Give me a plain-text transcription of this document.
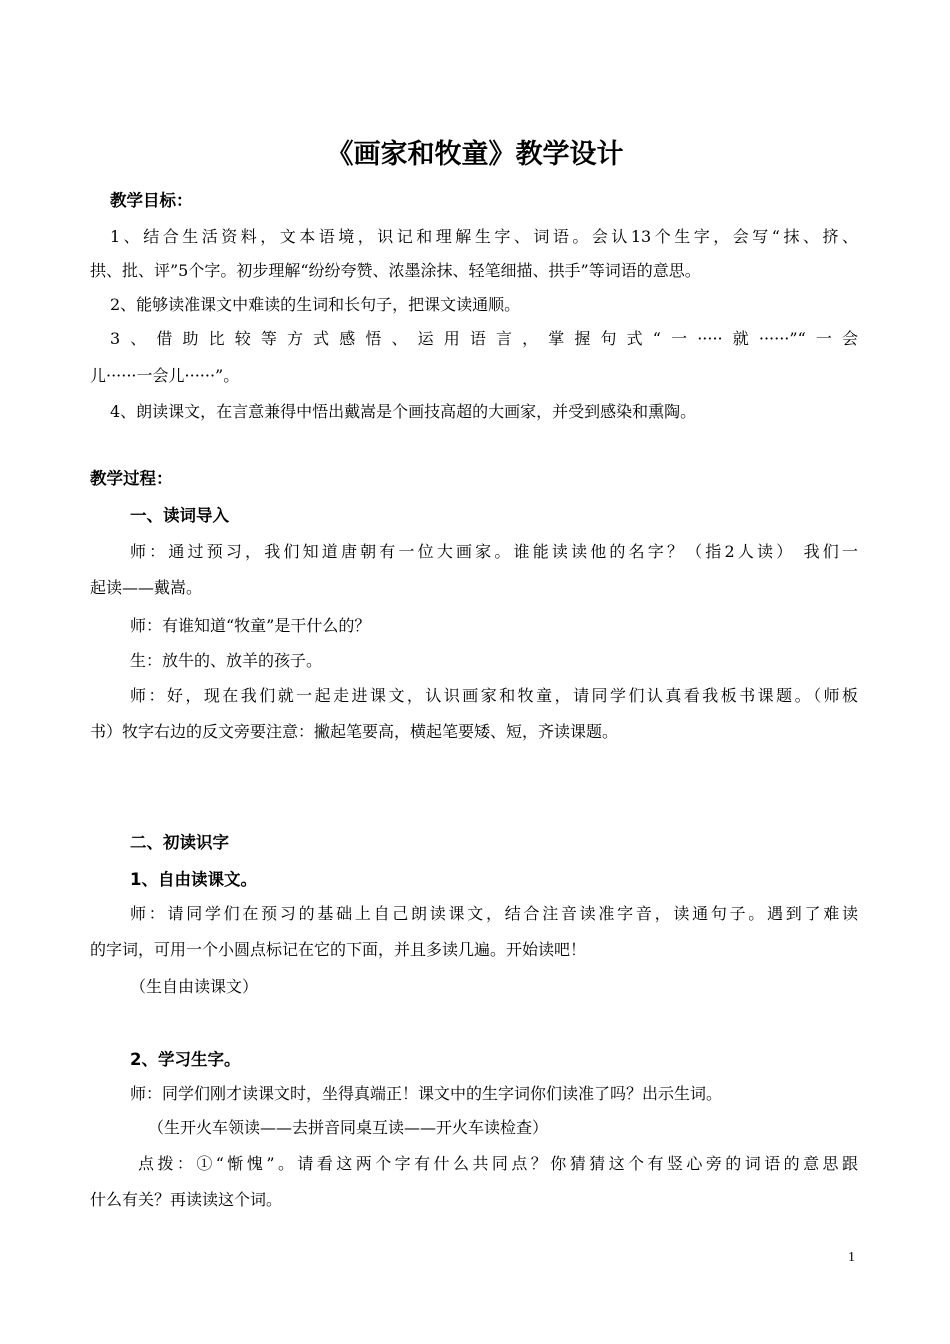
《画家和牧童》教学设计
教学目标：
1、结合生活资料，文本语境，识记和理解生字、词语。会认13个生字，会写“抹、挤、
拱、批、评”5个字。初步理解“纷纷夸赞、浓墨涂抹、轻笔细描、拱手”等词语的意思。
2、能够读准课文中难读的生词和长句子，把课文读通顺。
3、借助比较等方式感悟、运用语言，掌握句式“一·····就······”“一会
儿······一会儿······”。
4、朗读课文，在言意兼得中悟出戴嵩是个画技高超的大画家，并受到感染和熏陶。
教学过程：
一、读词导入
师：通过预习，我们知道唐朝有一位大画家。谁能读读他的名字？（指2人读） 我们一
起读——戴嵩。
师：有谁知道“牧童”是干什么的？
生：放牛的、放羊的孩子。
师：好，现在我们就一起走进课文，认识画家和牧童，请同学们认真看我板书课题。（师板
书）牧字右边的反文旁要注意：撇起笔要高，横起笔要矮、短，齐读课题。
二、初读识字
1、自由读课文。
师：请同学们在预习的基础上自己朗读课文，结合注音读准字音，读通句子。遇到了难读
的字词，可用一个小圆点标记在它的下面，并且多读几遍。开始读吧！
（生自由读课文）
2、学习生字。
师：同学们刚才读课文时，坐得真端正！课文中的生字词你们读准了吗？出示生词。
（生开火车领读——去拼音同桌互读——开火车读检查）
点拨：①“惭愧”。请看这两个字有什么共同点？你猜猜这个有竖心旁的词语的意思跟
什么有关？再读读这个词。
1
